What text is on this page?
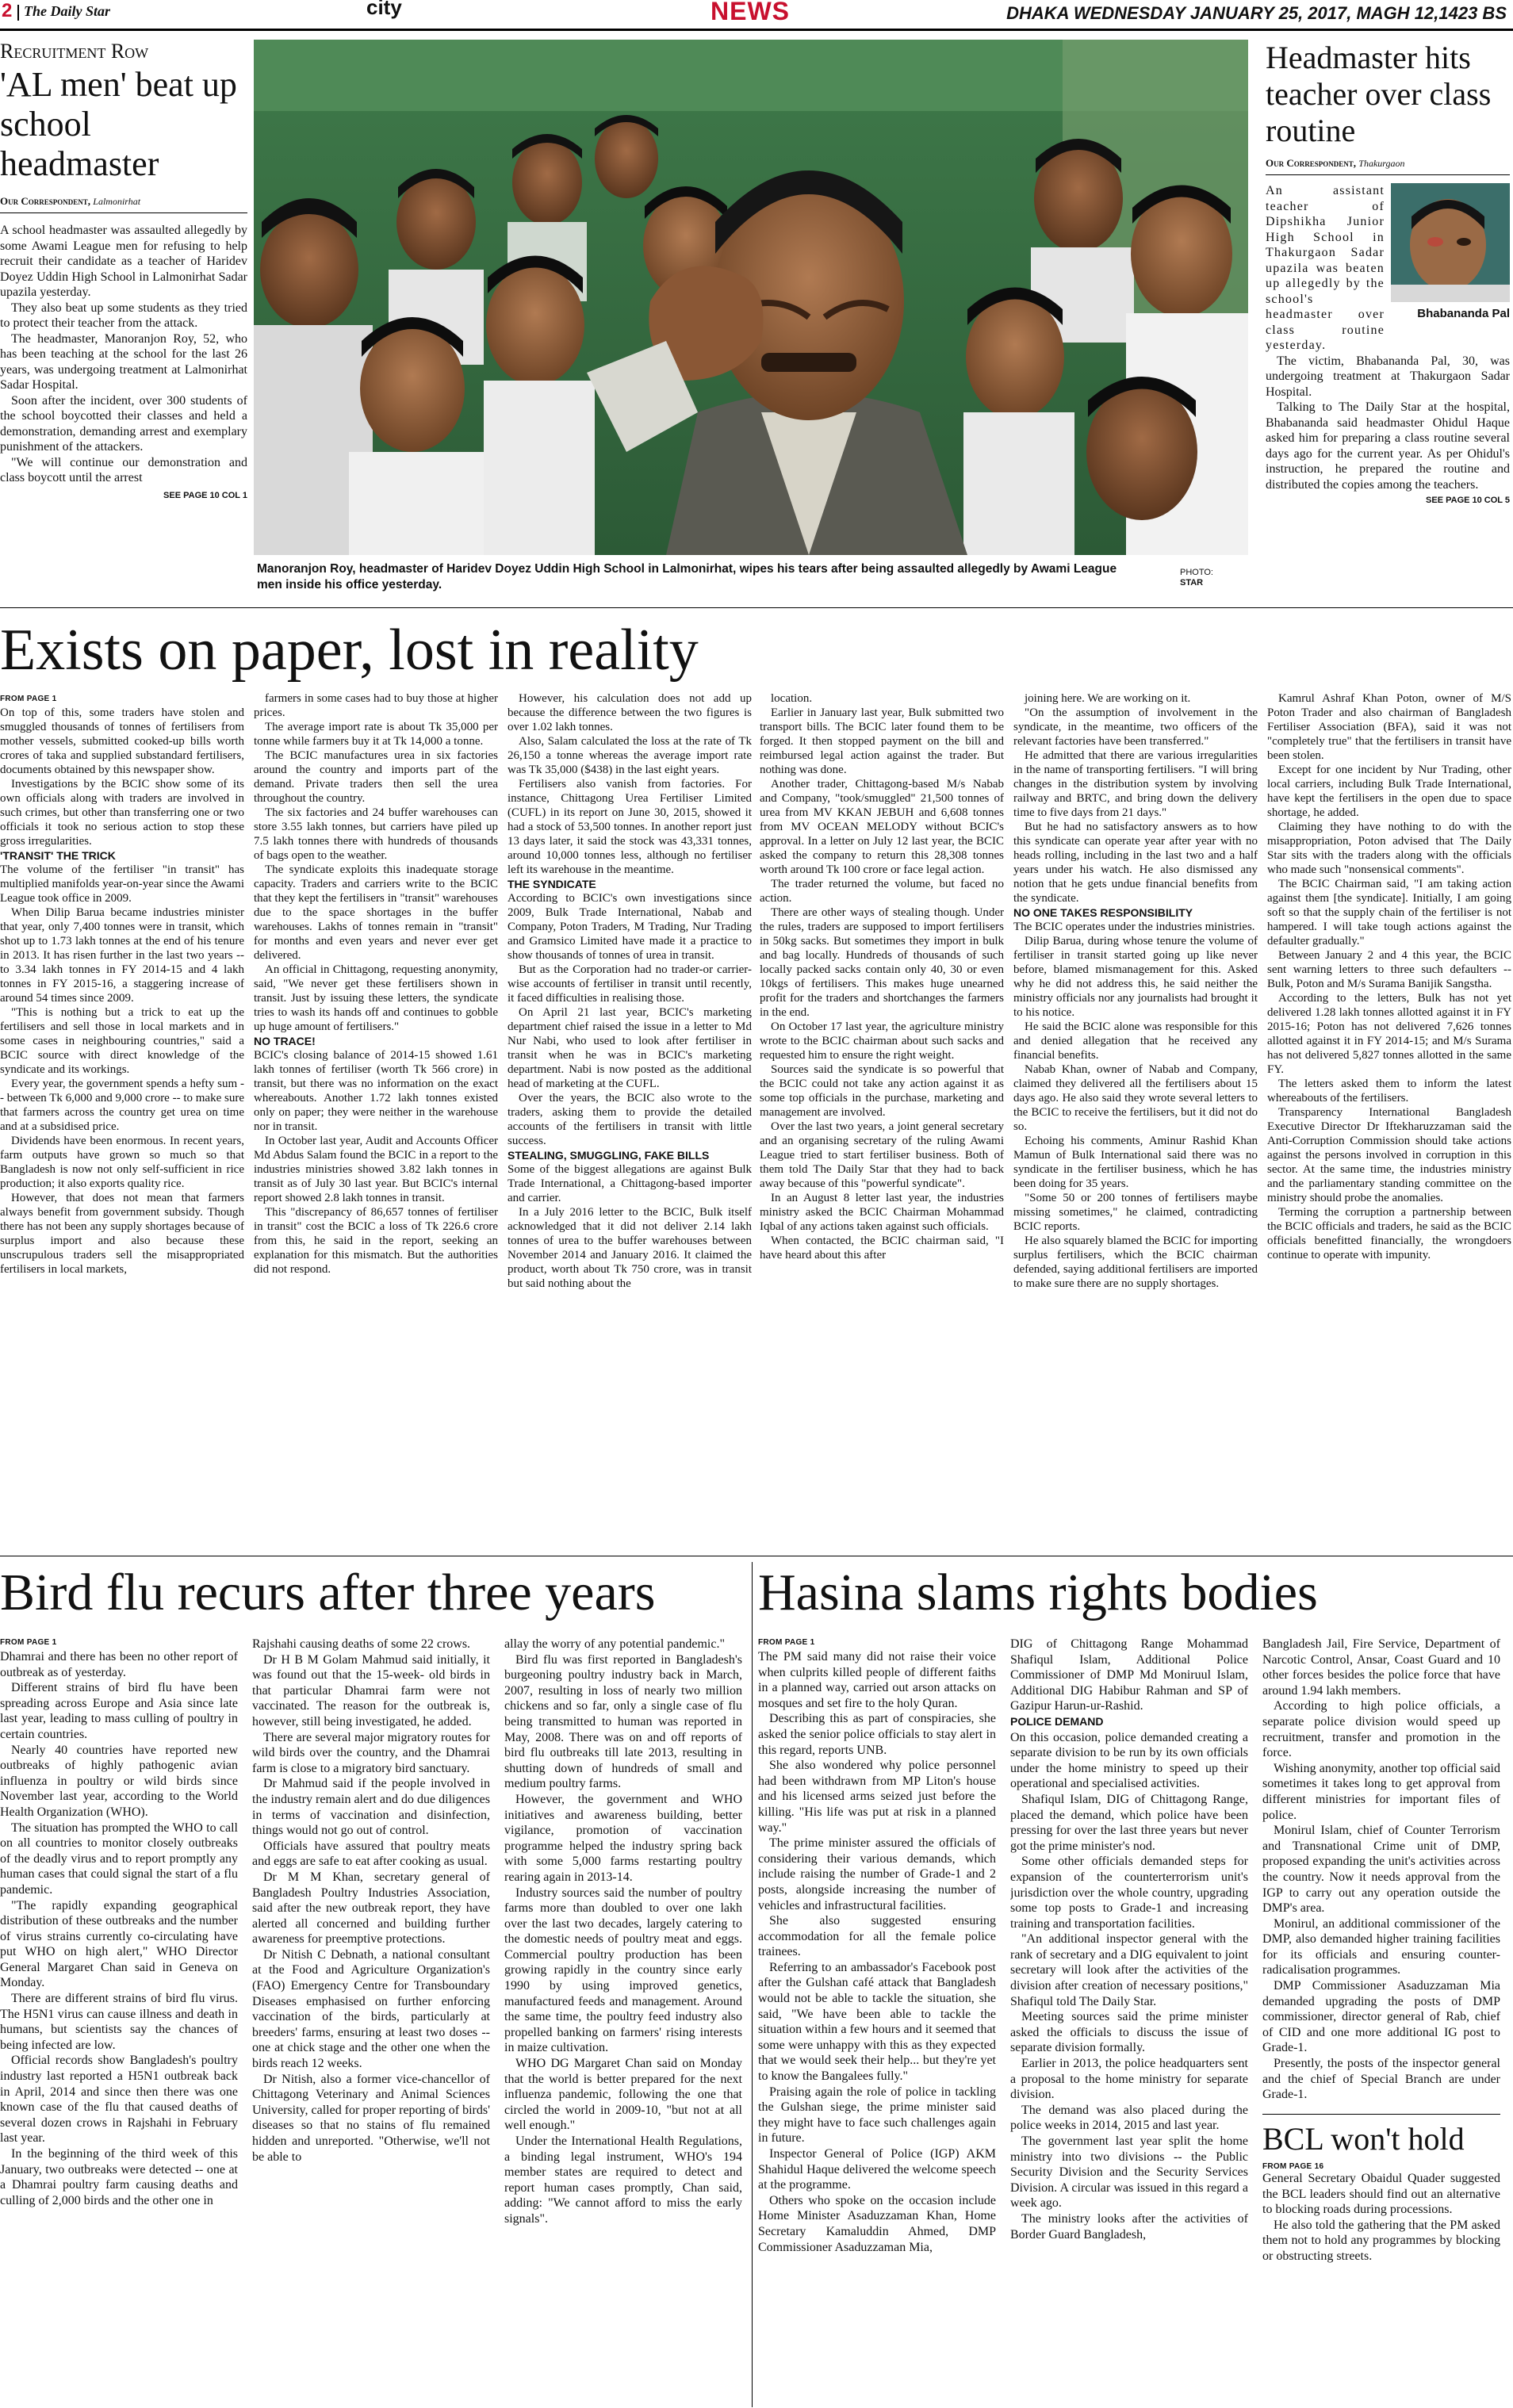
2 The Daily Star	city	NEWS	DHAKA WEDNESDAY JANUARY 25, 2017, MAGH 12,1423 BS
Recruitment Row
'AL men' beat up school headmaster
Our Correspondent, Lalmonirhat

A school headmaster was assaulted allegedly by some Awami League men for refusing to help recruit their candidate as a teacher of Haridev Doyez Uddin High School in Lalmonirhat Sadar upazila yesterday.

They also beat up some students as they tried to protect their teacher from the attack.

The headmaster, Manoranjon Roy, 52, who has been teaching at the school for the last 26 years, was undergoing treatment at Lalmonirhat Sadar Hospital.

Soon after the incident, over 300 students of the school boycotted their classes and held a demonstration, demanding arrest and exemplary punishment of the attackers.

"We will continue our demonstration and class boycott until the arrest

SEE PAGE 10 COL 1
Manoranjon Roy, headmaster of Haridev Doyez Uddin High School in Lalmonirhat, wipes his tears after being assaulted allegedly by Awami League men inside his office yesterday.
PHOTO:
STAR
Headmaster hits teacher over class routine
Our Correspondent, Thakurgaon
Bhabananda Pal

An assistant teacher of Dipshikha Junior High School in Thakurgaon Sadar upazila was beaten up allegedly by the school's headmaster over class routine yesterday.

The victim, Bhabananda Pal, 30, was undergoing treatment at Thakurgaon Sadar Hospital.

Talking to The Daily Star at the hospital, Bhabananda said headmaster Ohidul Haque asked him for preparing a class routine several days ago for the current year. As per Ohidul's instruction, he prepared the routine and distributed the copies among the teachers.

SEE PAGE 10 COL 5
Exists on paper, lost in reality
FROM PAGE 1

On top of this, some traders have stolen and smuggled thousands of tonnes of fertilisers from mother vessels, submitted cooked-up bills worth crores of taka and supplied substandard fertilisers, documents obtained by this newspaper show.

Investigations by the BCIC show some of its own officials along with traders are involved in such crimes, but other than transferring one or two officials it took no serious action to stop these gross irregularities.

'TRANSIT' THE TRICK

The volume of the fertiliser "in transit" has multiplied manifolds year-on-year since the Awami League took office in 2009.

When Dilip Barua became industries minister that year, only 7,400 tonnes were in transit, which shot up to 1.73 lakh tonnes at the end of his tenure in 2013. It has risen further in the last two years -- to 3.34 lakh tonnes in FY 2014-15 and 4 lakh tonnes in FY 2015-16, a staggering increase of around 54 times since 2009.

"This is nothing but a trick to eat up the fertilisers and sell those in local markets and in some cases in neighbouring countries," said a BCIC source with direct knowledge of the syndicate and its workings.

Every year, the government spends a hefty sum -- between Tk 6,000 and 9,000 crore -- to make sure that farmers across the country get urea on time and at a subsidised price.

Dividends have been enormous. In recent years, farm outputs have grown so much so that Bangladesh is now not only self-sufficient in rice production; it also exports quality rice.

However, that does not mean that farmers always benefit from government subsidy. Though there has not been any supply shortages because of surplus import and also because these unscrupulous traders sell the misappropriated fertilisers in local markets,

farmers in some cases had to buy those at higher prices.

The average import rate is about Tk 35,000 per tonne while farmers buy it at Tk 14,000 a tonne.

The BCIC manufactures urea in six factories around the country and imports part of the demand. Private traders then sell the urea throughout the country.

The six factories and 24 buffer warehouses can store 3.55 lakh tonnes, but carriers have piled up 7.5 lakh tonnes there with hundreds of thousands of bags open to the weather.

The syndicate exploits this inadequate storage capacity. Traders and carriers write to the BCIC that they kept the fertilisers in "transit" warehouses due to the space shortages in the buffer warehouses. Lakhs of tonnes remain in "transit" for months and even years and never ever get delivered.

An official in Chittagong, requesting anonymity, said, "We never get these fertilisers shown in transit. Just by issuing these letters, the syndicate tries to wash its hands off and continues to gobble up huge amount of fertilisers."

NO TRACE!

BCIC's closing balance of 2014-15 showed 1.61 lakh tonnes of fertiliser (worth Tk 566 crore) in transit, but there was no information on the exact whereabouts. Another 1.72 lakh tonnes existed only on paper; they were neither in the warehouse nor in transit.

In October last year, Audit and Accounts Officer Md Abdus Salam found the BCIC in a report to the industries ministries showed 3.82 lakh tonnes in transit as of July 30 last year. But BCIC's internal report showed 2.8 lakh tonnes in transit.

This "discrepancy of 86,657 tonnes of fertiliser in transit" cost the BCIC a loss of Tk 226.6 crore from this, he said in the report, seeking an explanation for this mismatch. But the authorities did not respond.

However, his calculation does not add up because the difference between the two figures is over 1.02 lakh tonnes.

Also, Salam calculated the loss at the rate of Tk 26,150 a tonne whereas the average import rate was Tk 35,000 ($438) in the last eight years.

Fertilisers also vanish from factories. For instance, Chittagong Urea Fertiliser Limited (CUFL) in its report on June 30, 2015, showed it had a stock of 53,500 tonnes. In another report just 13 days later, it said the stock was 43,331 tonnes, around 10,000 tonnes less, although no fertiliser left its warehouse in the meantime.

THE SYNDICATE

According to BCIC's own investigations since 2009, Bulk Trade International, Nabab and Company, Poton Traders, M Trading, Nur Trading and Gramsico Limited have made it a practice to show thousands of tonnes of urea in transit.

But as the Corporation had no trader-or carrier-wise accounts of fertiliser in transit until recently, it faced difficulties in realising those.

On April 21 last year, BCIC's marketing department chief raised the issue in a letter to Md Nur Nabi, who used to look after fertiliser in transit when he was in BCIC's marketing department. Nabi is now posted as the additional head of marketing at the CUFL.

Over the years, the BCIC also wrote to the traders, asking them to provide the detailed accounts of the fertilisers in transit with little success.

STEALING, SMUGGLING, FAKE BILLS

Some of the biggest allegations are against Bulk Trade International, a Chittagong-based importer and carrier.

In a July 2016 letter to the BCIC, Bulk itself acknowledged that it did not deliver 2.14 lakh tonnes of urea to the buffer warehouses between November 2014 and January 2016. It claimed the product, worth about Tk 750 crore, was in transit but said nothing about the

location.

Earlier in January last year, Bulk submitted two transport bills. The BCIC later found them to be forged. It then stopped payment on the bill and reimbursed legal action against the trader. But nothing was done.

Another trader, Chittagong-based M/s Nabab and Company, "took/smuggled" 21,500 tonnes of urea from MV KKAN JEBUH and 6,608 tonnes from MV OCEAN MELODY without BCIC's approval. In a letter on July 12 last year, the BCIC asked the company to return this 28,308 tonnes worth around Tk 100 crore or face legal action.

The trader returned the volume, but faced no action.

There are other ways of stealing though. Under the rules, traders are supposed to import fertilisers in 50kg sacks. But sometimes they import in bulk and bag locally. Hundreds of thousands of such locally packed sacks contain only 40, 30 or even 10kgs of fertilisers. This makes huge unearned profit for the traders and shortchanges the farmers in the end.

On October 17 last year, the agriculture ministry wrote to the BCIC chairman about such sacks and requested him to ensure the right weight.

Sources said the syndicate is so powerful that the BCIC could not take any action against it as some top officials in the purchase, marketing and management are involved.

Over the last two years, a joint general secretary and an organising secretary of the ruling Awami League tried to start fertiliser business. Both of them told The Daily Star that they had to back away because of this "powerful syndicate".

In an August 8 letter last year, the industries ministry asked the BCIC Chairman Mohammad Iqbal of any actions taken against such officials.

When contacted, the BCIC chairman said, "I have heard about this after

joining here. We are working on it.

"On the assumption of involvement in the syndicate, in the meantime, two officers of the relevant factories have been transferred."

He admitted that there are various irregularities in the name of transporting fertilisers. "I will bring changes in the distribution system by involving railway and BRTC, and bring down the delivery time to five days from 21 days."

But he had no satisfactory answers as to how this syndicate can operate year after year with no heads rolling, including in the last two and a half years under his watch. He also dismissed any notion that he gets undue financial benefits from the syndicate.

NO ONE TAKES RESPONSIBILITY

The BCIC operates under the industries ministries.

Dilip Barua, during whose tenure the volume of fertiliser in transit started going up like never before, blamed mismanagement for this. Asked why he did not address this, he said neither the ministry officials nor any journalists had brought it to his notice.

He said the BCIC alone was responsible for this and denied allegation that he received any financial benefits.

Nabab Khan, owner of Nabab and Company, claimed they delivered all the fertilisers about 15 days ago. He also said they wrote several letters to the BCIC to receive the fertilisers, but it did not do so.

Echoing his comments, Aminur Rashid Khan Mamun of Bulk International said there was no syndicate in the fertiliser business, which he has been doing for 35 years.

"Some 50 or 200 tonnes of fertilisers maybe missing sometimes," he claimed, contradicting BCIC reports.

He also squarely blamed the BCIC for importing surplus fertilisers, which the BCIC chairman defended, saying additional fertilisers are imported to make sure there are no supply shortages.

Kamrul Ashraf Khan Poton, owner of M/S Poton Trader and also chairman of Bangladesh Fertiliser Association (BFA), said it was not "completely true" that the fertilisers in transit have been stolen.

Except for one incident by Nur Trading, other local carriers, including Bulk Trade International, have kept the fertilisers in the open due to space shortage, he added.

Claiming they have nothing to do with the misappropriation, Poton advised that The Daily Star sits with the traders along with the officials who made such "nonsensical comments".

The BCIC Chairman said, "I am taking action against them [the syndicate]. Initially, I am going soft so that the supply chain of the fertiliser is not hampered. I will take tough actions against the defaulter gradually."

Between January 2 and 4 this year, the BCIC sent warning letters to three such defaulters -- Bulk, Poton and M/s Surama Banijik Sangstha.

According to the letters, Bulk has not yet delivered 1.28 lakh tonnes allotted against it in FY 2015-16; Poton has not delivered 7,626 tonnes allotted against it in FY 2014-15; and M/s Surama has not delivered 5,827 tonnes allotted in the same FY.

The letters asked them to inform the latest whereabouts of the fertilisers.

Transparency International Bangladesh Executive Director Dr Iftekharuzzaman said the Anti-Corruption Commission should take actions against the persons involved in corruption in this sector. At the same time, the industries ministry and the parliamentary standing committee on the ministry should probe the anomalies.

Terming the corruption a partnership between the BCIC officials and traders, he said as the BCIC officials benefitted financially, the wrongdoers continue to operate with impunity.

Bird flu recurs after three years
FROM PAGE 1

Dhamrai and there has been no other report of outbreak as of yesterday.

Different strains of bird flu have been spreading across Europe and Asia since late last year, leading to mass culling of poultry in certain countries.

Nearly 40 countries have reported new outbreaks of highly pathogenic avian influenza in poultry or wild birds since November last year, according to the World Health Organization (WHO).

The situation has prompted the WHO to call on all countries to monitor closely outbreaks of the deadly virus and to report promptly any human cases that could signal the start of a flu pandemic.

"The rapidly expanding geographical distribution of these outbreaks and the number of virus strains currently co-circulating have put WHO on high alert," WHO Director General Margaret Chan said in Geneva on Monday.

There are different strains of bird flu virus. The H5N1 virus can cause illness and death in humans, but scientists say the chances of being infected are low.

Official records show Bangladesh's poultry industry last reported a H5N1 outbreak back in April, 2014 and since then there was one known case of the flu that caused deaths of several dozen crows in Rajshahi in February last year.

In the beginning of the third week of this January, two outbreaks were detected -- one at a Dhamrai poultry farm causing deaths and culling of 2,000 birds and the other one in

Rajshahi causing deaths of some 22 crows.

Dr H B M Golam Mahmud said initially, it was found out that the 15-week- old birds in that particular Dhamrai farm were not vaccinated. The reason for the outbreak is, however, still being investigated, he added.

There are several major migratory routes for wild birds over the country, and the Dhamrai farm is close to a migratory bird sanctuary.

Dr Mahmud said if the people involved in the industry remain alert and do due diligences in terms of vaccination and disinfection, things would not go out of control.

Officials have assured that poultry meats and eggs are safe to eat after cooking as usual.

Dr M M Khan, secretary general of Bangladesh Poultry Industries Association, said after the new outbreak report, they have alerted all concerned and building further awareness for preemptive protections.

Dr Nitish C Debnath, a national consultant at the Food and Agriculture Organization's (FAO) Emergency Centre for Transboundary Diseases emphasised on further enforcing vaccination of the birds, particularly at breeders' farms, ensuring at least two doses -- one at chick stage and the other one when the birds reach 12 weeks.

Dr Nitish, also a former vice-chancellor of Chittagong Veterinary and Animal Sciences University, called for proper reporting of birds' diseases so that no stains of flu remained hidden and unreported. "Otherwise, we'll not be able to

allay the worry of any potential pandemic."

Bird flu was first reported in Bangladesh's burgeoning poultry industry back in March, 2007, resulting in loss of nearly two million chickens and so far, only a single case of flu being transmitted to human was reported in May, 2008. There was on and off reports of bird flu outbreaks till late 2013, resulting in shutting down of hundreds of small and medium poultry farms.

However, the government and WHO initiatives and awareness building, better vigilance, promotion of vaccination programme helped the industry spring back with some 5,000 farms restarting poultry rearing again in 2013-14.

Industry sources said the number of poultry farms more than doubled to over one lakh over the last two decades, largely catering to the domestic needs of poultry meat and eggs. Commercial poultry production has been growing rapidly in the country since early 1990 by using improved genetics, manufactured feeds and management. Around the same time, the poultry feed industry also propelled banking on farmers' rising interests in maize cultivation.

WHO DG Margaret Chan said on Monday that the world is better prepared for the next influenza pandemic, following the one that circled the world in 2009-10, "but not at all well enough."

Under the International Health Regulations, a binding legal instrument, WHO's 194 member states are required to detect and report human cases promptly, Chan said, adding: "We cannot afford to miss the early signals".

Hasina slams rights bodies
FROM PAGE 1

The PM said many did not raise their voice when culprits killed people of different faiths in a planned way, carried out arson attacks on mosques and set fire to the holy Quran.

Describing this as part of conspiracies, she asked the senior police officials to stay alert in this regard, reports UNB.

She also wondered why police personnel had been withdrawn from MP Liton's house and his licensed arms seized just before the killing. "His life was put at risk in a planned way."

The prime minister assured the officials of considering their various demands, which include raising the number of Grade-1 and 2 posts, alongside increasing the number of vehicles and infrastructural facilities.

She also suggested ensuring accommodation for all the female police trainees.

Referring to an ambassador's Facebook post after the Gulshan café attack that Bangladesh would not be able to tackle the situation, she said, "We have been able to tackle the situation within a few hours and it seemed that some were unhappy with this as they expected that we would seek their help... but they're yet to know the Bangalees fully."

Praising again the role of police in tackling the Gulshan siege, the prime minister said they might have to face such challenges again in future.

Inspector General of Police (IGP) AKM Shahidul Haque delivered the welcome speech at the programme.

Others who spoke on the occasion include Home Minister Asaduzzaman Khan, Home Secretary Kamaluddin Ahmed, DMP Commissioner Asaduzzaman Mia,

DIG of Chittagong Range Mohammad Shafiqul Islam, Additional Police Commissioner of DMP Md Moniruul Islam, Additional DIG Habibur Rahman and SP of Gazipur Harun-ur-Rashid.

POLICE DEMAND

On this occasion, police demanded creating a separate division to be run by its own officials under the home ministry to speed up their operational and specialised activities.

Shafiqul Islam, DIG of Chittagong Range, placed the demand, which police have been pressing for over the last three years but never got the prime minister's nod.

Some other officials demanded steps for expansion of the counterterrorism unit's jurisdiction over the whole country, upgrading some top posts to Grade-1 and increasing training and transportation facilities.

"An additional inspector general with the rank of secretary and a DIG equivalent to joint secretary will look after the activities of the division after creation of necessary positions," Shafiqul told The Daily Star.

Meeting sources said the prime minister asked the officials to discuss the issue of separate division formally.

Earlier in 2013, the police headquarters sent a proposal to the home ministry for separate division.

The demand was also placed during the police weeks in 2014, 2015 and last year.

The government last year split the home ministry into two divisions -- the Public Security Division and the Security Services Division. A circular was issued in this regard a week ago.

The ministry looks after the activities of Border Guard Bangladesh,

Bangladesh Jail, Fire Service, Department of Narcotic Control, Ansar, Coast Guard and 10 other forces besides the police force that have around 1.94 lakh members.

According to high police officials, a separate police division would speed up recruitment, transfer and promotion in the force.

Wishing anonymity, another top official said sometimes it takes long to get approval from different ministries for important files of police.

Monirul Islam, chief of Counter Terrorism and Transnational Crime unit of DMP, proposed expanding the unit's activities across the country. Now it needs approval from the IGP to carry out any operation outside the DMP's area.

Monirul, an additional commissioner of the DMP, also demanded higher training facilities for its officials and ensuring counter-radicalisation programmes.

DMP Commissioner Asaduzzaman Mia demanded upgrading the posts of DMP commissioner, director general of Rab, chief of CID and one more additional IG post to Grade-1.

Presently, the posts of the inspector general and the chief of Special Branch are under Grade-1.

BCL won't hold
FROM PAGE 16

General Secretary Obaidul Quader suggested the BCL leaders should find out an alternative to blocking roads during processions.

He also told the gathering that the PM asked them not to hold any programmes by blocking or obstructing streets.
